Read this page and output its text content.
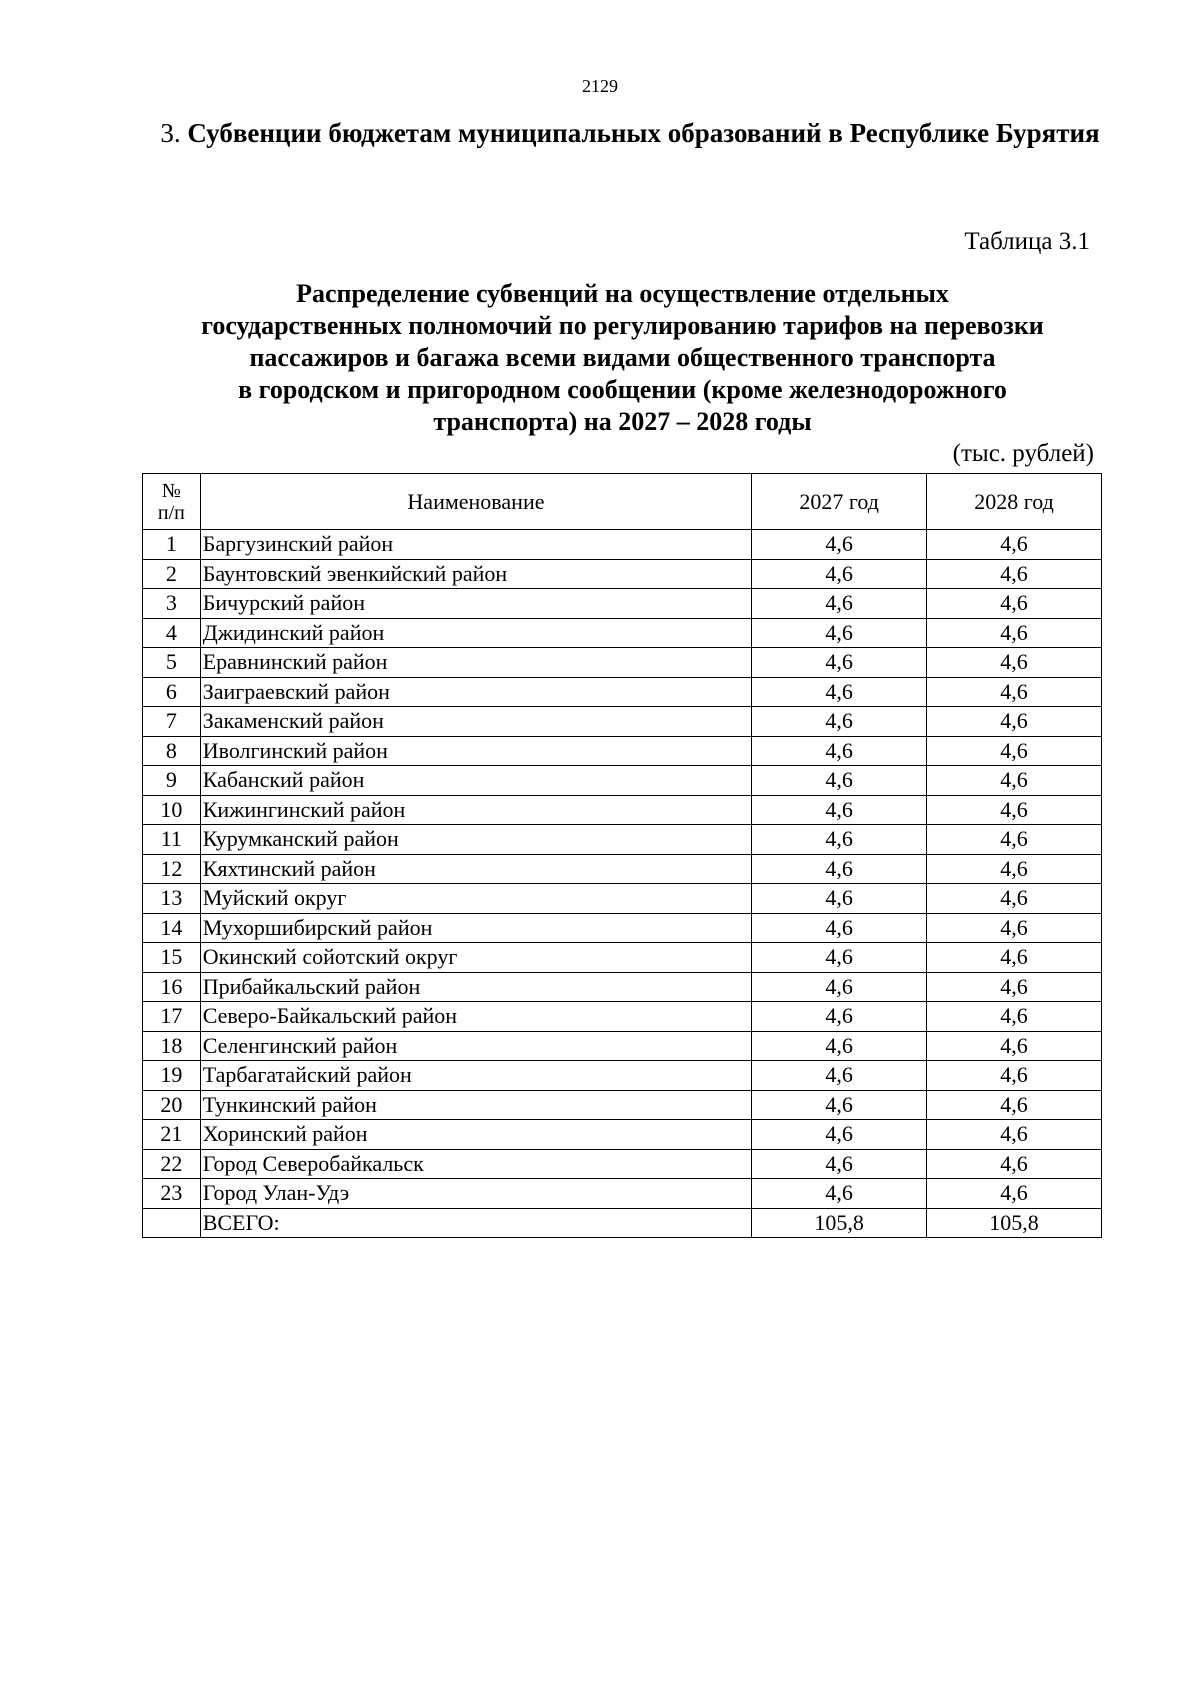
2129
3. Субвенции бюджетам муниципальных образований в Республике Бурятия
Таблица 3.1
Распределение субвенций на осуществление отдельных
государственных полномочий по регулированию тарифов на перевозки
пассажиров и багажа всеми видами общественного транспорта
в городском и пригородном сообщении (кроме железнодорожного
транспорта) на 2027 – 2028 годы
(тыс. рублей)
№
п/п	Наименование	2027 год	2028 год
1	Баргузинский район	4,6	4,6
2	Баунтовский эвенкийский район	4,6	4,6
3	Бичурский район	4,6	4,6
4	Джидинский район	4,6	4,6
5	Еравнинский район	4,6	4,6
6	Заиграевский район	4,6	4,6
7	Закаменский район	4,6	4,6
8	Иволгинский район	4,6	4,6
9	Кабанский район	4,6	4,6
10	Кижингинский район	4,6	4,6
11	Курумканский район	4,6	4,6
12	Кяхтинский район	4,6	4,6
13	Муйский округ	4,6	4,6
14	Мухоршибирский район	4,6	4,6
15	Окинский сойотский округ	4,6	4,6
16	Прибайкальский район	4,6	4,6
17	Северо-Байкальский район	4,6	4,6
18	Селенгинский район	4,6	4,6
19	Тарбагатайский район	4,6	4,6
20	Тункинский район	4,6	4,6
21	Хоринский район	4,6	4,6
22	Город Северобайкальск	4,6	4,6
23	Город Улан-Удэ	4,6	4,6
	ВСЕГО:	105,8	105,8
